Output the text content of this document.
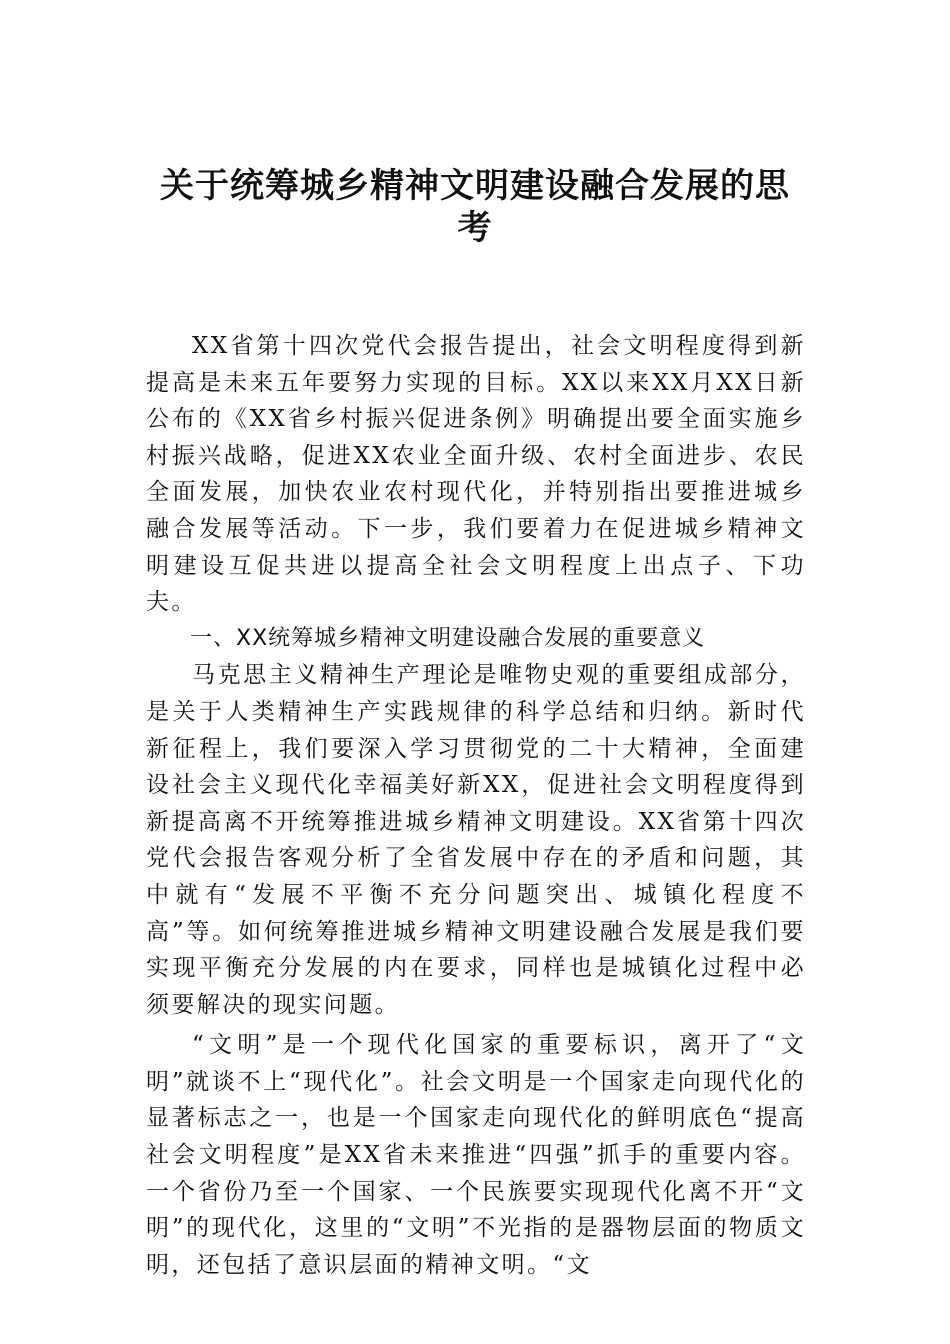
关于统筹城乡精神文明建设融合发展的思
考

XX省第十四次党代会报告提出，社会文明程度得到新提高是未来五年要努力实现的目标。XX以来XX月XX日新公布的《XX省乡村振兴促进条例》明确提出要全面实施乡村振兴战略，促进XX农业全面升级、农村全面进步、农民全面发展，加快农业农村现代化，并特别指出要推进城乡融合发展等活动。下一步，我们要着力在促进城乡精神文明建设互促共进以提高全社会文明程度上出点子、下功夫。

一、XX统筹城乡精神文明建设融合发展的重要意义

马克思主义精神生产理论是唯物史观的重要组成部分，是关于人类精神生产实践规律的科学总结和归纳。新时代新征程上，我们要深入学习贯彻党的二十大精神，全面建设社会主义现代化幸福美好新XX，促进社会文明程度得到新提高离不开统筹推进城乡精神文明建设。XX省第十四次党代会报告客观分析了全省发展中存在的矛盾和问题，其中就有“发展不平衡不充分问题突出、城镇化程度不高”等。如何统筹推进城乡精神文明建设融合发展是我们要实现平衡充分发展的内在要求，同样也是城镇化过程中必须要解决的现实问题。

“文明”是一个现代化国家的重要标识，离开了“文明”就谈不上“现代化”。社会文明是一个国家走向现代化的显著标志之一，也是一个国家走向现代化的鲜明底色“提高社会文明程度”是XX省未来推进“四强”抓手的重要内容。一个省份乃至一个国家、一个民族要实现现代化离不开“文明”的现代化，这里的“文明”不光指的是器物层面的物质文明，还包括了意识层面的精神文明。“文
